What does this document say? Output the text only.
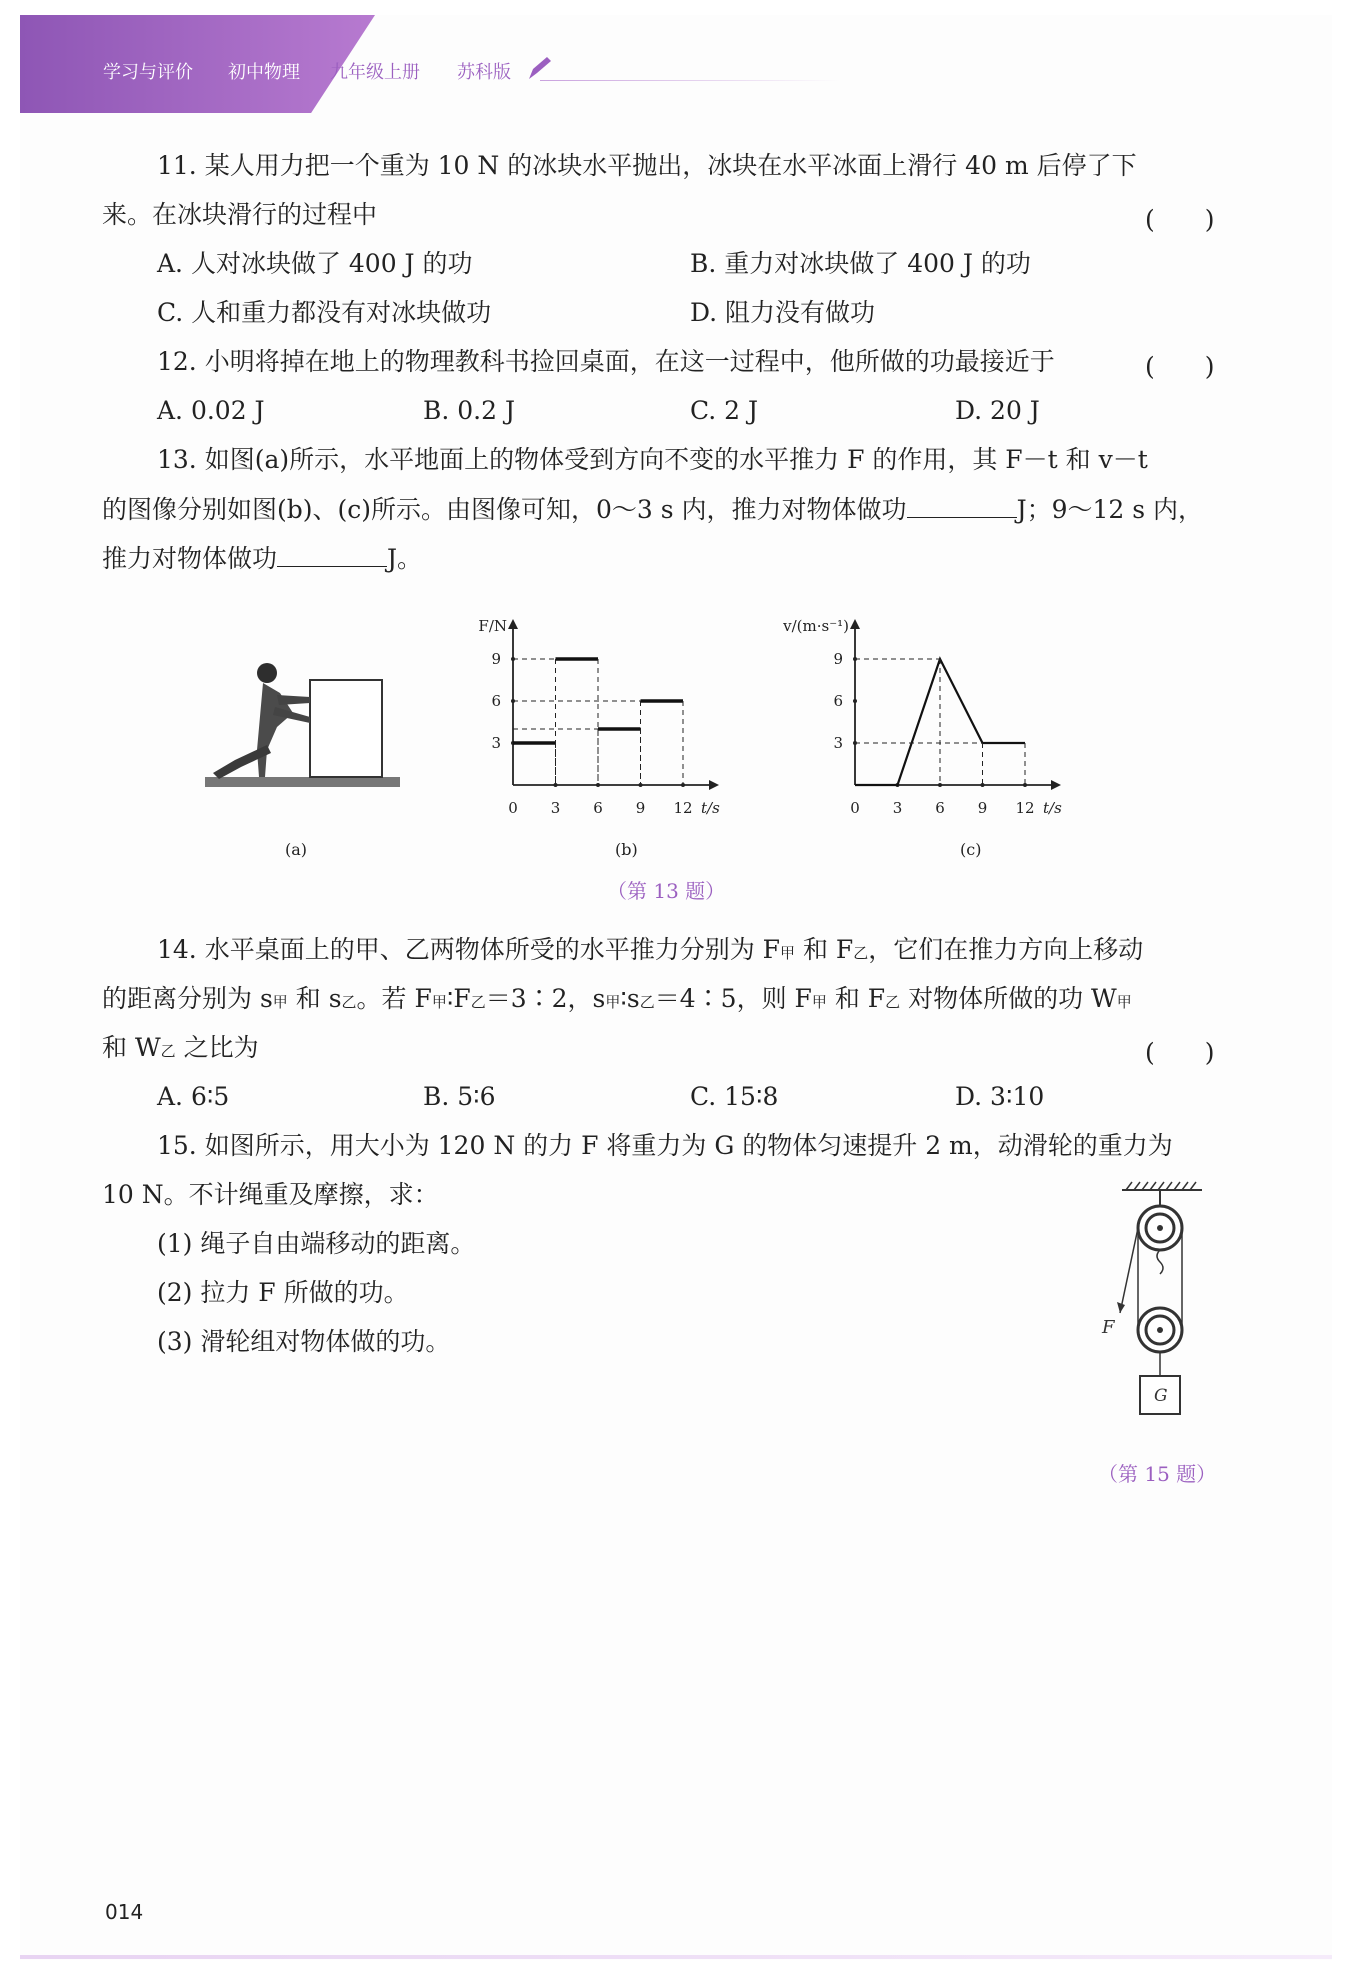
学习与评价 初中物理 九年级上册 苏科版
11. 某人用力把一个重为 10 N 的冰块水平抛出，冰块在水平冰面上滑行 40 m 后停了下
来。在冰块滑行的过程中	(　　)
A. 人对冰块做了 400 J 的功	B. 重力对冰块做了 400 J 的功
C. 人和重力都没有对冰块做功	D. 阻力没有做功
12. 小明将掉在地上的物理教科书捡回桌面，在这一过程中，他所做的功最接近于	(　　)
A. 0.02 J	B. 0.2 J	C. 2 J	D. 20 J
13. 如图(a)所示，水平地面上的物体受到方向不变的水平推力 F 的作用，其 F－t 和 v－t
的图像分别如图(b)、(c)所示。由图像可知，0～3 s 内，推力对物体做功	J；9～12 s 内，
推力对物体做功	J。
(a)
t/s
F/N
0 3 6 9 12
3
6
9
(b)
t/s
v/(m·s⁻¹)
0 3 6 9 12
3
6
9
(c)
（第 13 题）
14. 水平桌面上的甲、乙两物体所受的水平推力分别为 F甲 和 F乙，它们在推力方向上移动
的距离分别为 s甲 和 s乙。若 F甲∶F乙＝3∶2，s甲∶s乙＝4∶5，则 F甲 和 F乙 对物体所做的功 W甲
和 W乙 之比为	(　　)
A. 6∶5	B. 5∶6	C. 15∶8	D. 3∶10
15. 如图所示，用大小为 120 N 的力 F 将重力为 G 的物体匀速提升 2 m，动滑轮的重力为
10 N。不计绳重及摩擦，求：
(1) 绳子自由端移动的距离。
(2) 拉力 F 所做的功。
(3) 滑轮组对物体做的功。	F
G
（第 15 题）
014
